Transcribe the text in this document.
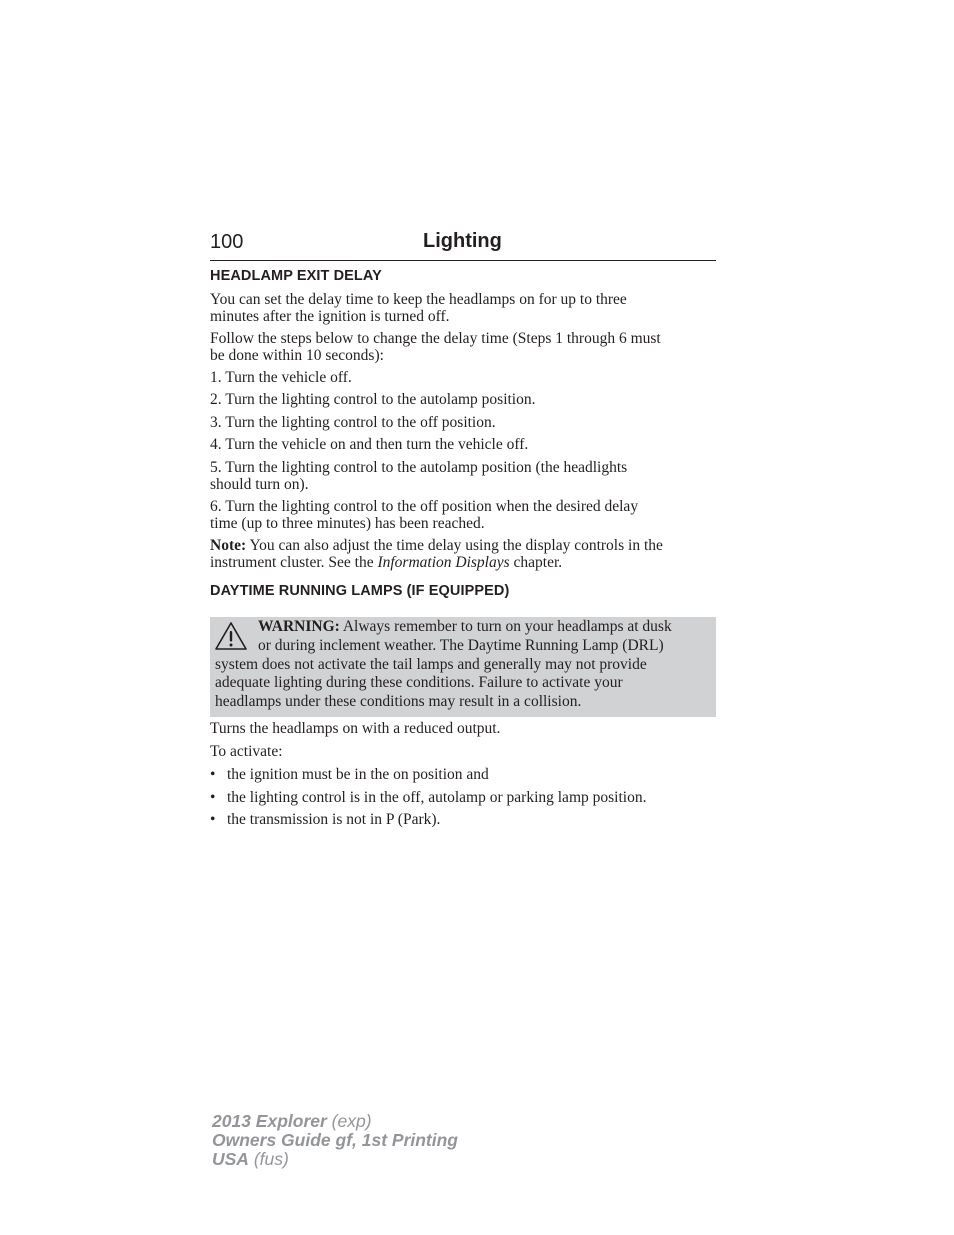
100	Lighting
HEADLAMP EXIT DELAY
You can set the delay time to keep the headlamps on for up to three
minutes after the ignition is turned off.
Follow the steps below to change the delay time (Steps 1 through 6 must
be done within 10 seconds):
1. Turn the vehicle off.
2. Turn the lighting control to the autolamp position.
3. Turn the lighting control to the off position.
4. Turn the vehicle on and then turn the vehicle off.
5. Turn the lighting control to the autolamp position (the headlights
should turn on).
6. Turn the lighting control to the off position when the desired delay
time (up to three minutes) has been reached.
Note: You can also adjust the time delay using the display controls in the
instrument cluster. See the Information Displays chapter.
DAYTIME RUNNING LAMPS (IF EQUIPPED)
WARNING: Always remember to turn on your headlamps at dusk
or during inclement weather. The Daytime Running Lamp (DRL)
system does not activate the tail lamps and generally may not provide
adequate lighting during these conditions. Failure to activate your
headlamps under these conditions may result in a collision.
Turns the headlamps on with a reduced output.
To activate:
• the ignition must be in the on position and
• the lighting control is in the off, autolamp or parking lamp position.
• the transmission is not in P (Park).
2013 Explorer (exp)
Owners Guide gf, 1st Printing
USA (fus)
